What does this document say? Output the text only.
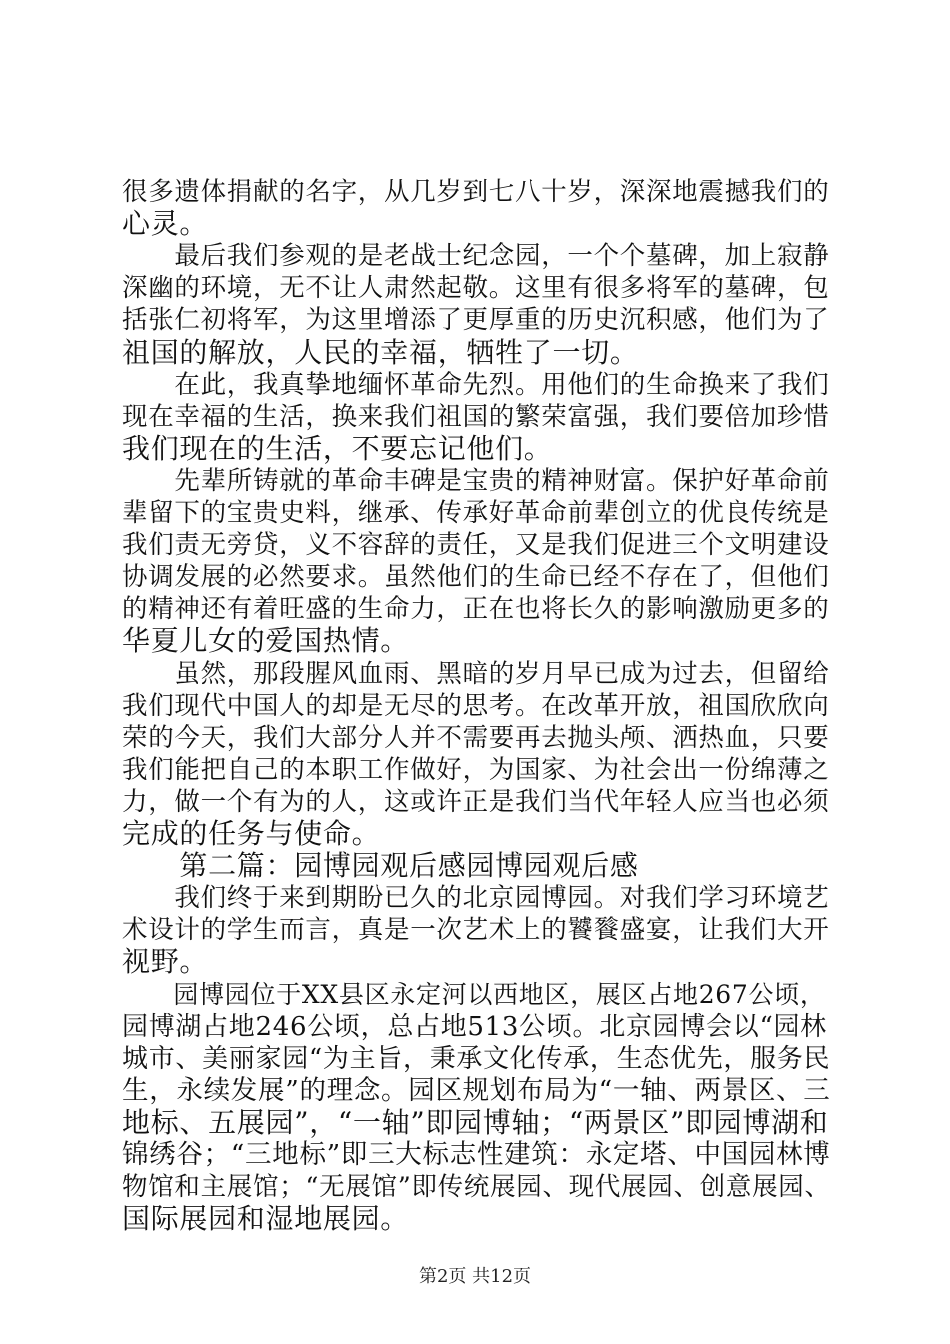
很多遗体捐献的名字，从几岁到七八十岁，深深地震撼我们的
心灵。
　　最后我们参观的是老战士纪念园，一个个墓碑，加上寂静
深幽的环境，无不让人肃然起敬。这里有很多将军的墓碑，包
括张仁初将军，为这里增添了更厚重的历史沉积感，他们为了
祖国的解放，人民的幸福，牺牲了一切。
　　在此，我真挚地缅怀革命先烈。用他们的生命换来了我们
现在幸福的生活，换来我们祖国的繁荣富强，我们要倍加珍惜
我们现在的生活，不要忘记他们。
　　先辈所铸就的革命丰碑是宝贵的精神财富。保护好革命前
辈留下的宝贵史料，继承、传承好革命前辈创立的优良传统是
我们责无旁贷，义不容辞的责任，又是我们促进三个文明建设
协调发展的必然要求。虽然他们的生命已经不存在了，但他们
的精神还有着旺盛的生命力，正在也将长久的影响激励更多的
华夏儿女的爱国热情。
　　虽然，那段腥风血雨、黑暗的岁月早已成为过去，但留给
我们现代中国人的却是无尽的思考。在改革开放，祖国欣欣向
荣的今天，我们大部分人并不需要再去抛头颅、洒热血，只要
我们能把自己的本职工作做好，为国家、为社会出一份绵薄之
力，做一个有为的人，这或许正是我们当代年轻人应当也必须
完成的任务与使命。
　　第二篇：园博园观后感园博园观后感
　　我们终于来到期盼已久的北京园博园。对我们学习环境艺
术设计的学生而言，真是一次艺术上的饕餮盛宴，让我们大开
视野。
　　园博园位于XX县区永定河以西地区，展区占地267公顷，
园博湖占地246公顷，总占地513公顷。北京园博会以“园林
城市、美丽家园“为主旨，秉承文化传承，生态优先，服务民
生，永续发展”的理念。园区规划布局为“一轴、两景区、三
地标、五展园”，“一轴”即园博轴；“两景区”即园博湖和
锦绣谷；“三地标”即三大标志性建筑：永定塔、中国园林博
物馆和主展馆；“无展馆”即传统展园、现代展园、创意展园、
国际展园和湿地展园。
第2页 共12页
